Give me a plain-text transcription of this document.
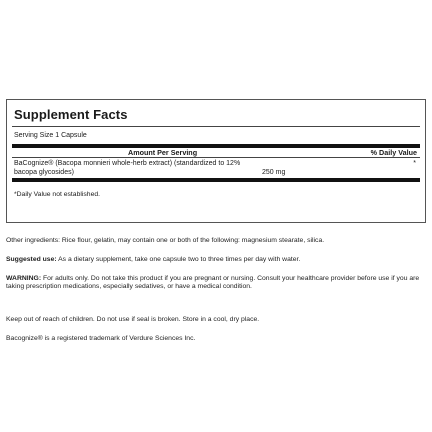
Supplement Facts
Serving Size 1 Capsule
Amount Per Serving	% Daily Value
BaCognize® (Bacopa monnieri whole-herb extract) (standardized to 12%
bacopa glycosides)	250 mg
*
*Daily Value not established.
Other ingredients: Rice flour, gelatin, may contain one or both of the following: magnesium stearate, silica.
Suggested use: As a dietary supplement, take one capsule two to three times per day with water.
WARNING: For adults only. Do not take this product if you are pregnant or nursing. Consult your healthcare provider before use if you are taking prescription medications, especially sedatives, or have a medical condition.
Keep out of reach of children. Do not use if seal is broken. Store in a cool, dry place.
Bacognize® is a registered trademark of Verdure Sciences Inc.
